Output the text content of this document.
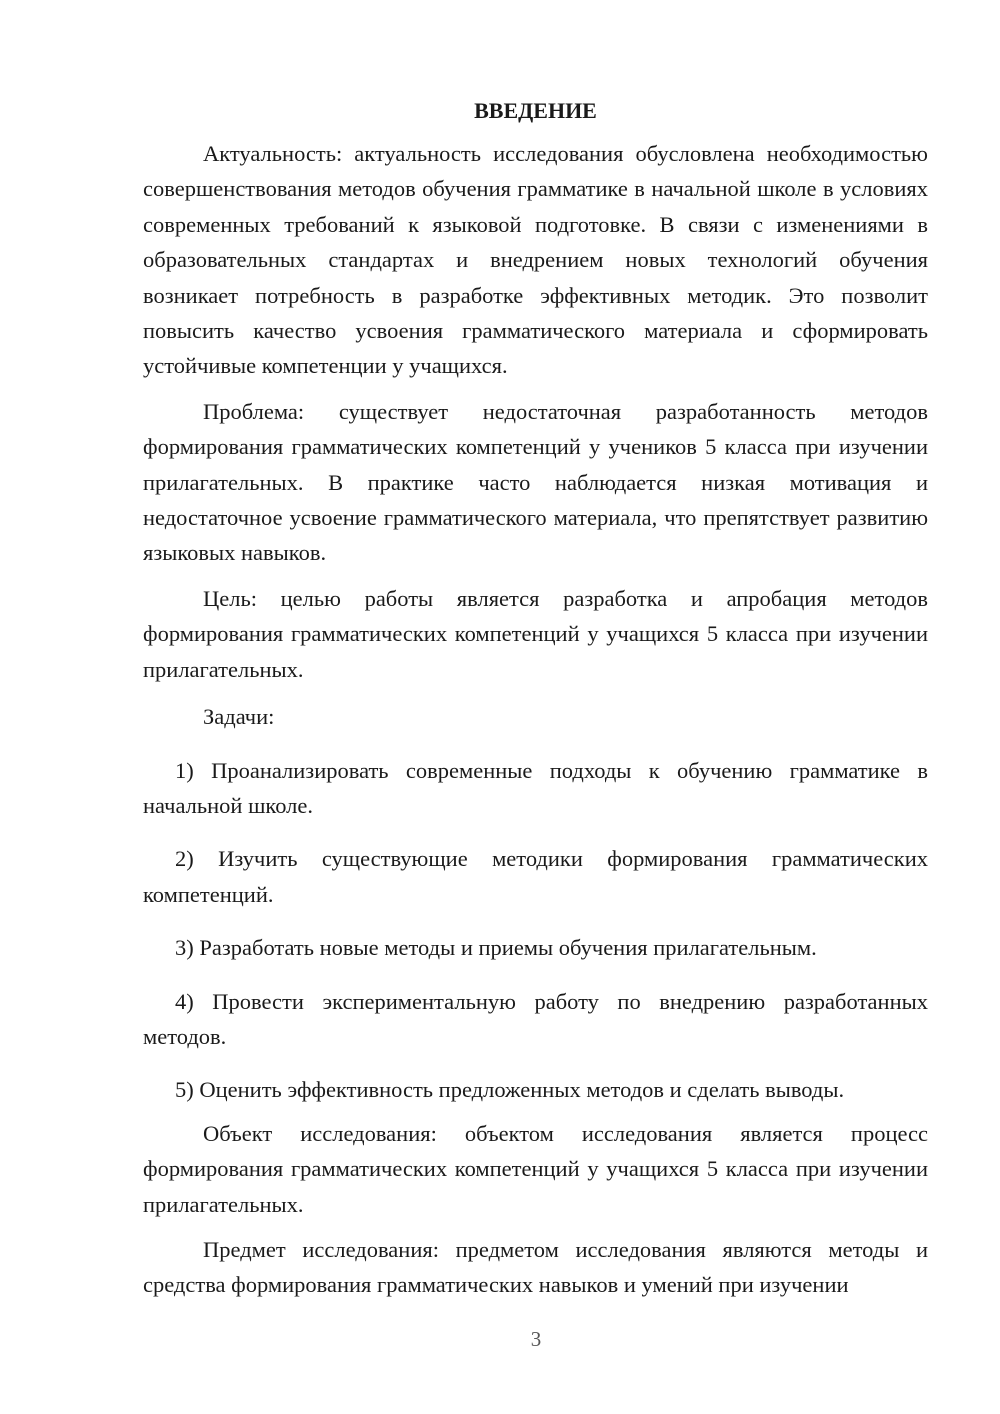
ВВЕДЕНИЕ

Актуальность: актуальность исследования обусловлена необходимостью совершенствования методов обучения грамматике в начальной школе в условиях современных требований к языковой подготовке. В связи с изменениями в образовательных стандартах и внедрением новых технологий обучения возникает потребность в разработке эффективных методик. Это позволит повысить качество усвоения грамматического материала и сформировать устойчивые компетенции у учащихся.

Проблема: существует недостаточная разработанность методов формирования грамматических компетенций у учеников 5 класса при изучении прилагательных. В практике часто наблюдается низкая мотивация и недостаточное усвоение грамматического материала, что препятствует развитию языковых навыков.

Цель: целью работы является разработка и апробация методов формирования грамматических компетенций у учащихся 5 класса при изучении прилагательных.

Задачи:

1) Проанализировать современные подходы к обучению грамматике в начальной школе.

2) Изучить существующие методики формирования грамматических компетенций.

3) Разработать новые методы и приемы обучения прилагательным.

4) Провести экспериментальную работу по внедрению разработанных методов.

5) Оценить эффективность предложенных методов и сделать выводы.

Объект исследования: объектом исследования является процесс формирования грамматических компетенций у учащихся 5 класса при изучении прилагательных.

Предмет исследования: предметом исследования являются методы и средства формирования грамматических навыков и умений при изучении

3
